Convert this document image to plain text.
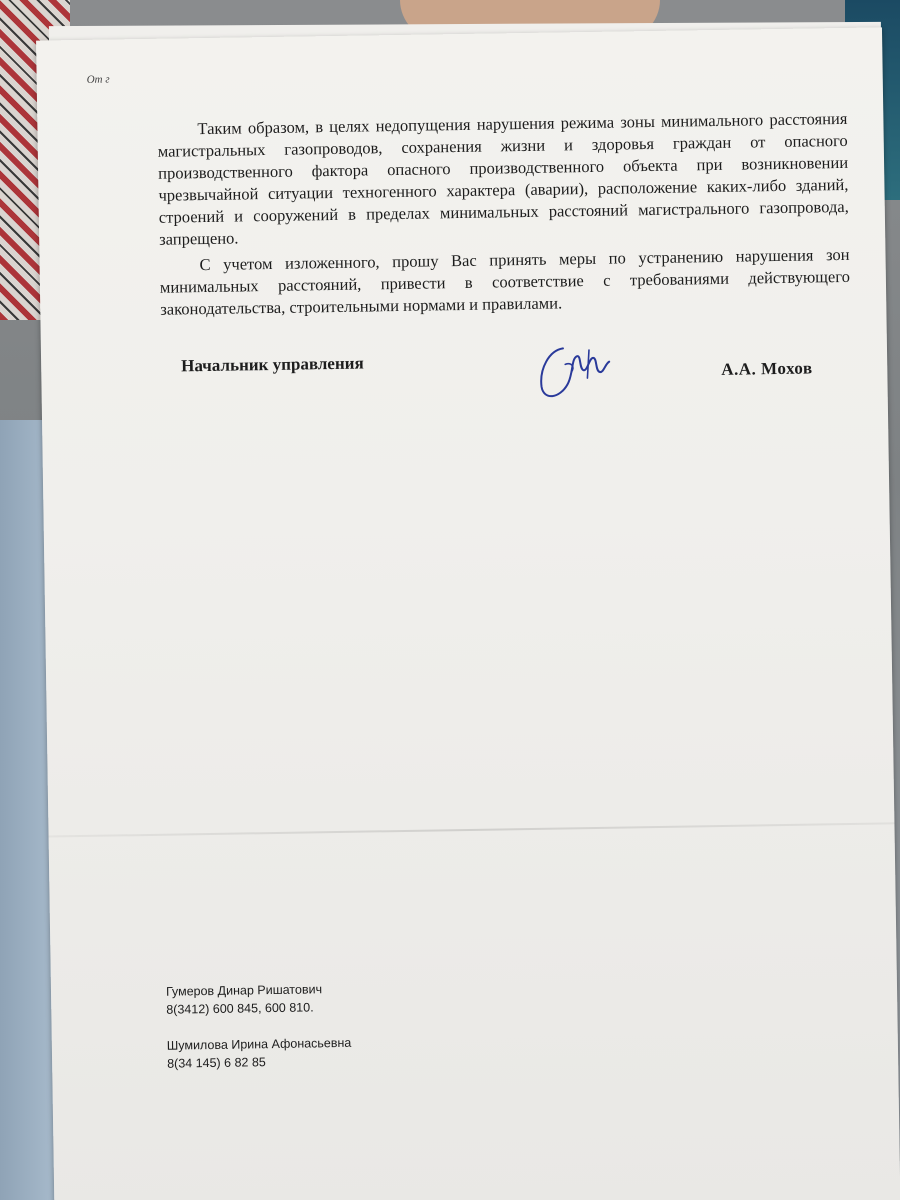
От г

Таким образом, в целях недопущения нарушения режима зоны минимального расстояния магистральных газопроводов, сохранения жизни и здоровья граждан от опасного производственного фактора опасного производственного объекта при возникновении чрезвычайной ситуации техногенного характера (аварии), расположение каких-либо зданий, строений и сооружений в пределах минимальных расстояний магистрального газопровода, запрещено.

С учетом изложенного, прошу Вас принять меры по устранению нарушения зон минимальных расстояний, привести в соответствие с требованиями действующего законодательства, строительными нормами и правилами.

Начальник управления	А.А. Мохов
Гумеров Динар Ришатович
8(3412) 600 845, 600 810.
Шумилова Ирина Афонасьевна
8(34 145) 6 82 85
